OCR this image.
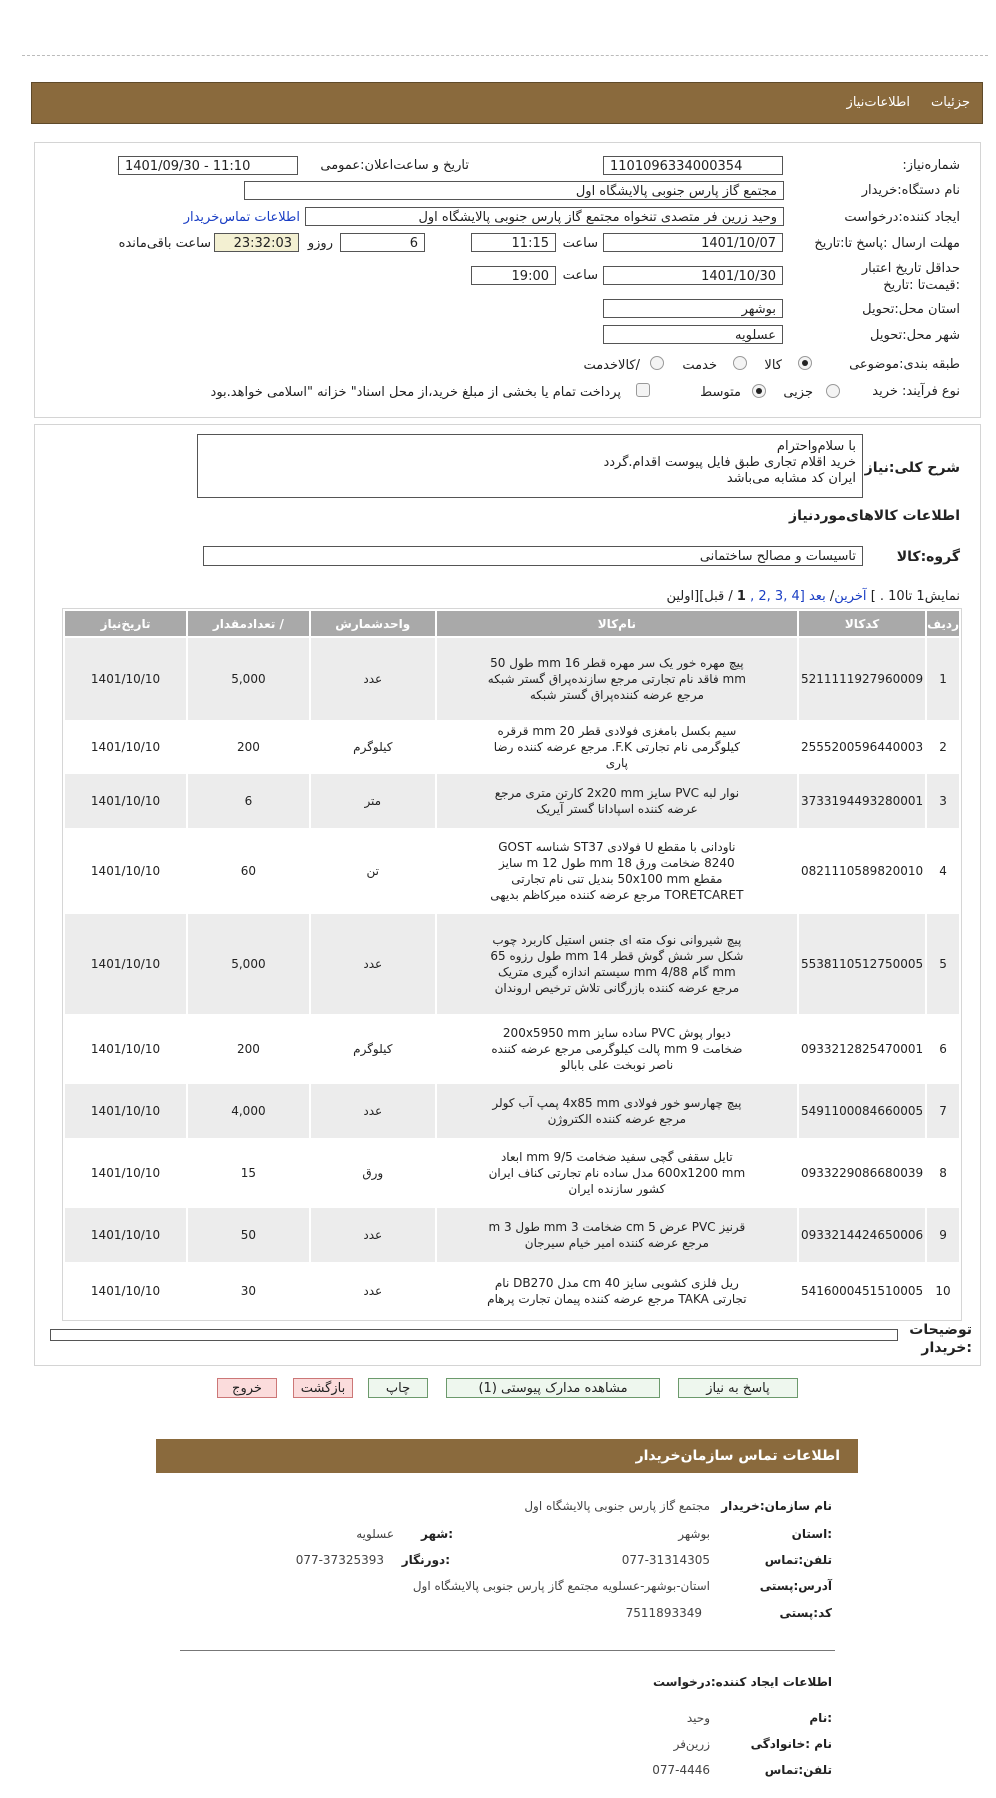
جزئیات
اطلاعات‌نیاز
شماره‌نیاز:
1101096334000354
تاریخ و ساعت‌اعلان‌:عمومی
1401/09/30 - 11:10
نام دستگاه‌:خریدار
مجتمع گاز پارس جنوبی پالایشگاه اول
ایجاد کننده‌:درخواست
وحید زرین فر متصدی تنخواه مجتمع گاز پارس جنوبی پالایشگاه اول
اطلاعات تماس‌خریدار
مهلت ارسال :پاسخ تا‌:تاریخ
1401/10/07
ساعت
11:15
6
روزو
23:32:03
ساعت باقی‌مانده
حداقل تاریخ اعتبار :قیمت‌تا :تاریخ
1401/10/30
ساعت
19:00
استان محل‌:تحویل
بوشهر
شهر محل‌:تحویل
عسلویه
طبقه بندی‌:موضوعی
کالا
خدمت
/کالاخدمت
نوع فرآیند: خرید
جزیی
متوسط
پرداخت تمام یا بخشی از مبلغ خرید،از محل اسناد" خزانه "اسلامی خواهد.بود
شرح کلی:نیاز
با سلام‌واحترام
خرید اقلام تجاری طبق فایل پیوست اقدام.گردد
ایران کد مشابه می‌باشد
اطلاعات کالاهای‌موردنیاز
گروه‌:کالا
تاسیسات و مصالح ساختمانی
نمایش‌1 تا10 . ] آخرین/ بعد [4 ,3 ,2 , 1 / قبل][اولین
ردیف	کدکالا	نام‌کالا	واحدشمارش	/ تعدادمقدار	تاریخ‌نیاز
1	5211111927960009	پیچ مهره خور یک سر مهره قطر 16 mm طول 50 mm فاقد نام تجارتی مرجع سازنده‌پراق گستر شبکه مرجع عرضه کننده‌پراق گستر شبکه	عدد	5,000	1401/10/10
2	2555200596440003	سیم بکسل بامغزی فولادی قطر 20 mm قرقره کیلوگرمی نام تجارتی F.K. مرجع عرضه کننده رضا پاری	کیلوگرم	200	1401/10/10
3	3733194493280001	نوار لبه PVC سایز 2x20 mm کارتن متری مرجع عرضه کننده اسپادانا گستر آیریک	متر	6	1401/10/10
4	0821110589820010	ناودانی با مقطع U فولادی ST37 شناسه GOST 8240 ضخامت ورق 18 mm طول 12 m سایز مقطع 50x100 mm بندیل تنی نام تجارتی TORETCARET مرجع عرضه کننده میرکاظم بدیهی	تن	60	1401/10/10
5	5538110512750005	پیچ شیروانی نوک مته ای جنس استیل کاربرد چوب شکل سر شش گوش قطر 14 mm طول رزوه 65 mm گام 4/88 mm سیستم اندازه گیری متریک مرجع عرضه کننده بازرگانی تلاش ترخیص اروندان	عدد	5,000	1401/10/10
6	0933212825470001	دیوار پوش PVC ساده سایز 200x5950 mm ضخامت 9 mm پالت کیلوگرمی مرجع عرضه کننده ناصر نوبخت علی بابالو	کیلوگرم	200	1401/10/10
7	5491100084660005	پیچ چهارسو خور فولادی 4x85 mm پمپ آب کولر مرجع عرضه کننده الکتروژن	عدد	4,000	1401/10/10
8	0933229086680039	تایل سقفی گچی سفید ضخامت 9/5 mm ابعاد 600x1200 mm مدل ساده نام تجارتی کناف ایران کشور سازنده ایران	ورق	15	1401/10/10
9	0933214424650006	قرنیز PVC عرض 5 cm ضخامت 3 mm طول 3 m مرجع عرضه کننده امیر خیام سیرجان	عدد	50	1401/10/10
10	5416000451510005	ریل فلزی کشویی سایز 40 cm مدل DB270 نام تجارتی TAKA مرجع عرضه کننده پیمان تجارت پرهام	عدد	30	1401/10/10
توضیحات :خریدار
پاسخ به نیاز
مشاهده مدارک پیوستی (1)
چاپ
بازگشت
خروج
اطلاعات تماس سازمان‌خریدار
نام سازمان‌:خریدار
مجتمع گاز پارس جنوبی پالایشگاه اول
:استان
بوشهر
:شهر
عسلویه
تلفن‌:تماس
077-31314305
:دورنگار
077-37325393
آدرس‌:پستی
استان-بوشهر-عسلویه مجتمع گاز پارس جنوبی پالایشگاه اول
کد‌:پستی
7511893349
اطلاعات ایجاد کننده‌:درخواست
:نام
وحید
نام :خانوادگی
زرین‌فر
تلفن‌:تماس
077-4446
